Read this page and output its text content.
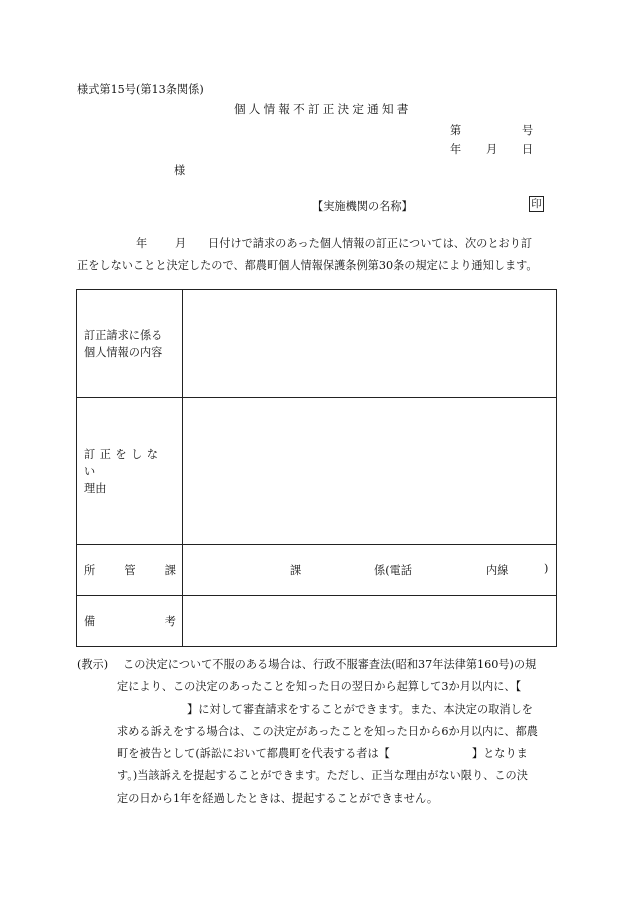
様式第15号(第13条関係)
個人情報不訂正決定通知書
第	号
年 月 日
様
【実施機関の名称】	印
年 月 日付けで請求のあった個人情報の訂正については、次のとおり訂
正をしないことと決定したので、都農町個人情報保護条例第30条の規定により通知します。
訂正請求に係る
個人情報の内容	

訂正をしない
理由	

所 管 課	課 係(電話 内線 )

備 考	

(教示)	この決定について不服のある場合は、行政不服審査法(昭和37年法律第160号)の規
定により、この決定のあったことを知った日の翌日から起算して3か月以内に、【
】に対して審査請求をすることができます。また、本決定の取消しを
求める訴えをする場合は、この決定があったことを知った日から6か月以内に、都農
町を被告として(訴訟において都農町を代表する者は【	】となりま
す。)当該訴えを提起することができます。ただし、正当な理由がない限り、この決
定の日から1年を経過したときは、提起することができません。
